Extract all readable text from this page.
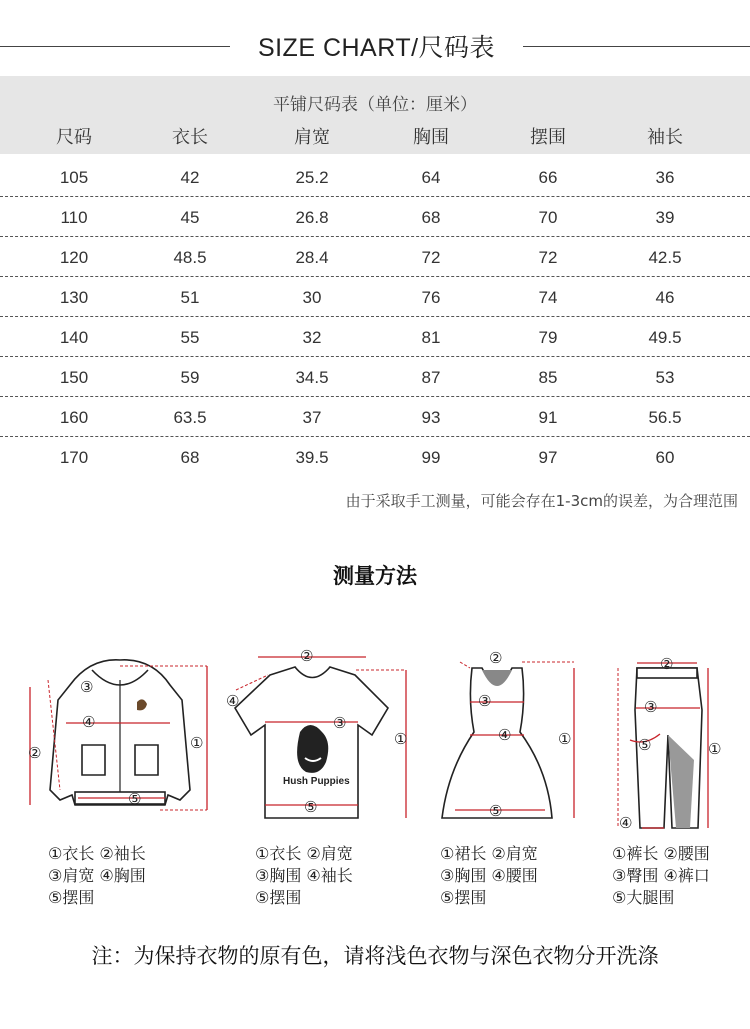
SIZE CHART/尺码表
平铺尺码表（单位：厘米）
尺码	衣长	肩宽	胸围	摆围	袖长
105	42	25.2	64	66	36
110	45	26.8	68	70	39
120	48.5	28.4	72	72	42.5
130	51	30	76	74	46
140	55	32	81	79	49.5
150	59	34.5	87	85	53
160	63.5	37	93	91	56.5
170	68	39.5	99	97	60
由于采取手工测量，可能会存在1-3cm的误差，为合理范围
测量方法
③
④
②
⑤
①
Hush Puppies
②
③
④
⑤
①
②
③
④
⑤
①
②
③
⑤
④
①
①衣长 ②袖长
③肩宽 ④胸围
⑤摆围
①衣长 ②肩宽
③胸围 ④袖长
⑤摆围
①裙长 ②肩宽
③胸围 ④腰围
⑤摆围
①裤长 ②腰围
③臀围 ④裤口
⑤大腿围
注：为保持衣物的原有色，请将浅色衣物与深色衣物分开洗涤
